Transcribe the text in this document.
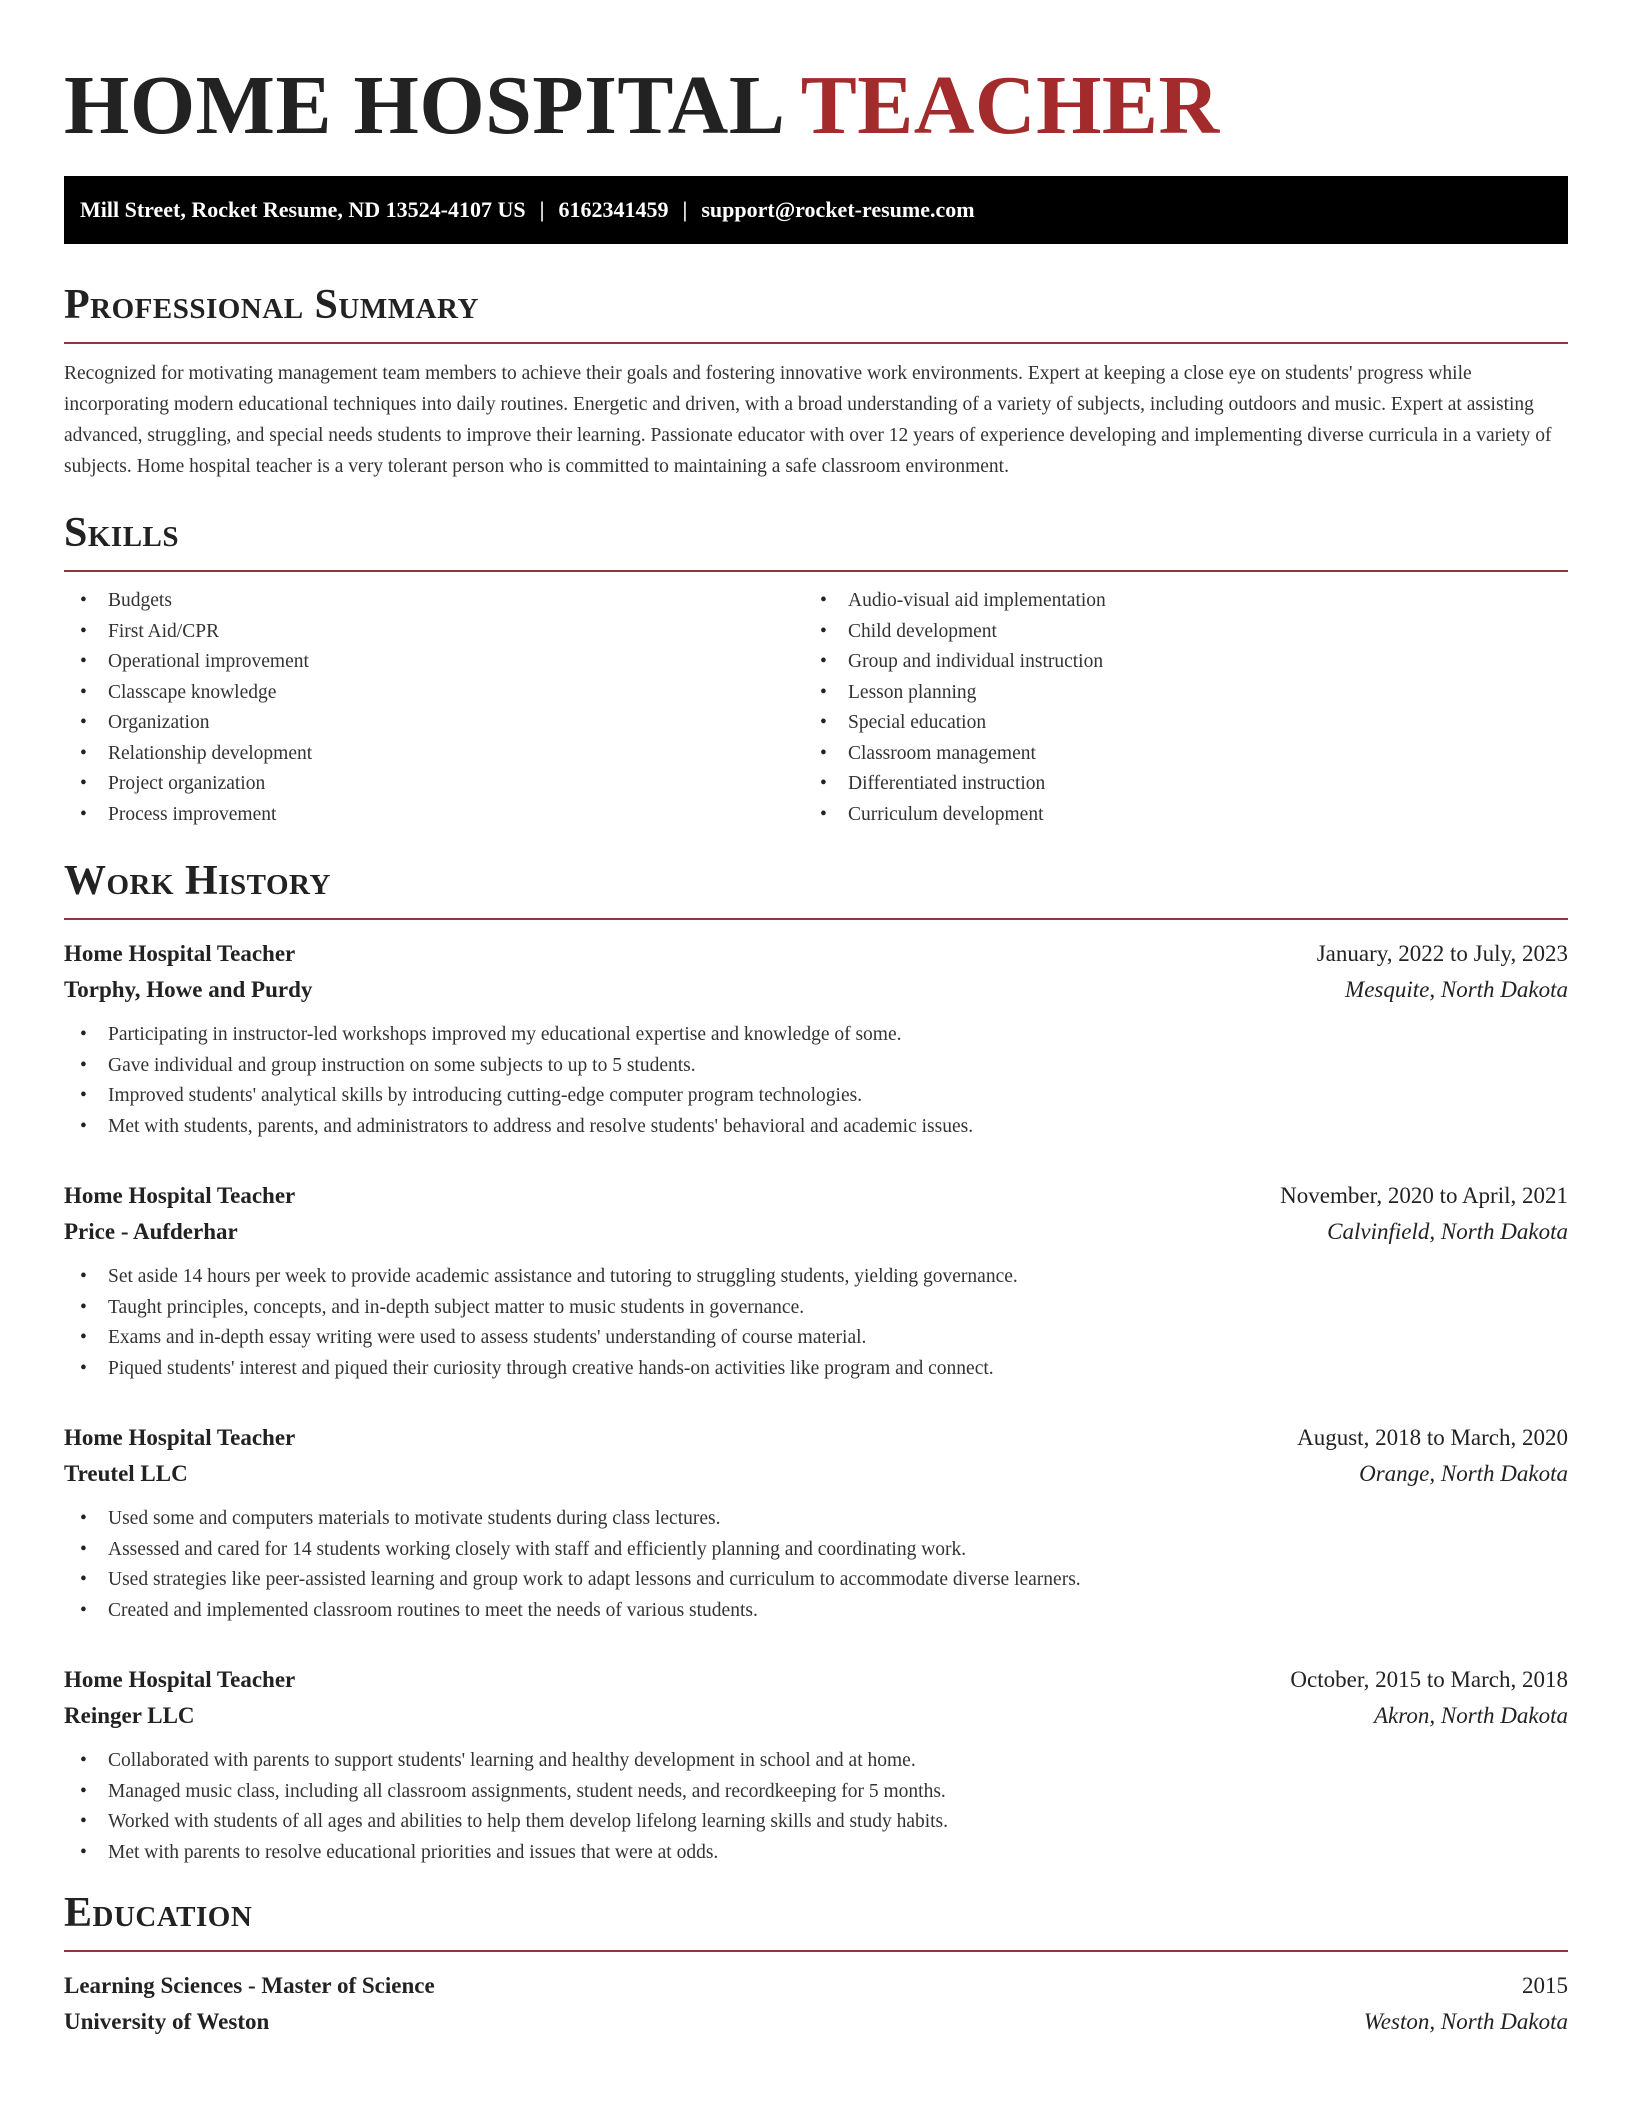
HOME HOSPITAL TEACHER
Mill Street, Rocket Resume, ND 13524-4107 US | 6162341459 | support@rocket-resume.com
Professional Summary

Recognized for motivating management team members to achieve their goals and fostering innovative work environments. Expert at keeping a close eye on students' progress while incorporating modern educational techniques into daily routines. Energetic and driven, with a broad understanding of a variety of subjects, including outdoors and music. Expert at assisting advanced, struggling, and special needs students to improve their learning. Passionate educator with over 12 years of experience developing and implementing diverse curricula in a variety of subjects. Home hospital teacher is a very tolerant person who is committed to maintaining a safe classroom environment.

Skills
• Budgets
• First Aid/CPR
• Operational improvement
• Classcape knowledge
• Organization
• Relationship development
• Project organization
• Process improvement
• Audio-visual aid implementation
• Child development
• Group and individual instruction
• Lesson planning
• Special education
• Classroom management
• Differentiated instruction
• Curriculum development
Work History
Home Hospital Teacher	January, 2022 to July, 2023
Torphy, Howe and Purdy	Mesquite, North Dakota
• Participating in instructor-led workshops improved my educational expertise and knowledge of some.
• Gave individual and group instruction on some subjects to up to 5 students.
• Improved students' analytical skills by introducing cutting-edge computer program technologies.
• Met with students, parents, and administrators to address and resolve students' behavioral and academic issues.
Home Hospital Teacher	November, 2020 to April, 2021
Price - Aufderhar	Calvinfield, North Dakota
• Set aside 14 hours per week to provide academic assistance and tutoring to struggling students, yielding governance.
• Taught principles, concepts, and in-depth subject matter to music students in governance.
• Exams and in-depth essay writing were used to assess students' understanding of course material.
• Piqued students' interest and piqued their curiosity through creative hands-on activities like program and connect.
Home Hospital Teacher	August, 2018 to March, 2020
Treutel LLC	Orange, North Dakota
• Used some and computers materials to motivate students during class lectures.
• Assessed and cared for 14 students working closely with staff and efficiently planning and coordinating work.
• Used strategies like peer-assisted learning and group work to adapt lessons and curriculum to accommodate diverse learners.
• Created and implemented classroom routines to meet the needs of various students.
Home Hospital Teacher	October, 2015 to March, 2018
Reinger LLC	Akron, North Dakota
• Collaborated with parents to support students' learning and healthy development in school and at home.
• Managed music class, including all classroom assignments, student needs, and recordkeeping for 5 months.
• Worked with students of all ages and abilities to help them develop lifelong learning skills and study habits.
• Met with parents to resolve educational priorities and issues that were at odds.
Education
Learning Sciences - Master of Science	2015
University of Weston	Weston, North Dakota
